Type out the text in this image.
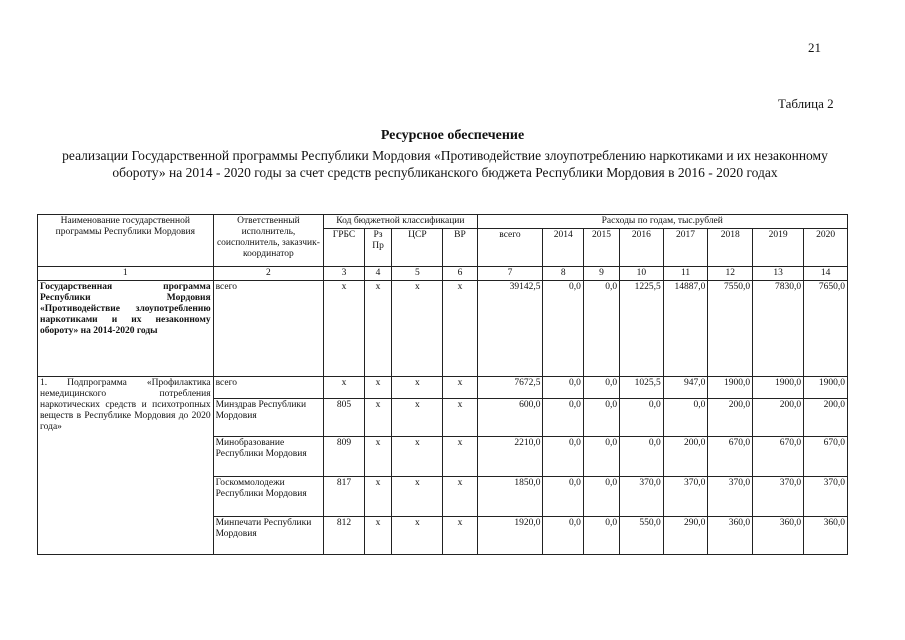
21
Таблица 2
Ресурсное обеспечение
реализации Государственной программы Республики Мордовия «Противодействие злоупотреблению наркотиками и их незаконному обороту» на 2014 - 2020 годы за счет средств республиканского бюджета Республики Мордовия в 2016 - 2020 годах
Наименование государственной программы Республики Мордовия	Ответственный исполнитель, соисполнитель, заказчик-координатор	Код бюджетной классификации				Расходы по годам, тыс.рублей							
		ГРБС	Рз Пр	ЦСР	ВР	всего	2014	2015	2016	2017	2018	2019	2020
1	2	3	4	5	6	7	8	9	10	11	12	13	14
Государственная программа Республики Мордовия «Противодействие злоупотреблению наркотиками и их незаконному обороту» на 2014-2020 годы	всего	х	х	х	х	39142,5	0,0	0,0	1225,5	14887,0	7550,0	7830,0	7650,0
1. Подпрограмма «Профилактика немедицинского потребления наркотических средств и психотропных веществ в Республике Мордовия до 2020 года»	всего	х	х	х	х	7672,5	0,0	0,0	1025,5	947,0	1900,0	1900,0	1900,0
	Минздрав Республики Мордовия	805	х	х	х	600,0	0,0	0,0	0,0	0,0	200,0	200,0	200,0
	Минобразование Республики Мордовия	809	х	х	х	2210,0	0,0	0,0	0,0	200,0	670,0	670,0	670,0
	Госкоммолодежи Республики Мордовия	817	х	х	х	1850,0	0,0	0,0	370,0	370,0	370,0	370,0	370,0
	Минпечати Республики Мордовия	812	х	х	х	1920,0	0,0	0,0	550,0	290,0	360,0	360,0	360,0
